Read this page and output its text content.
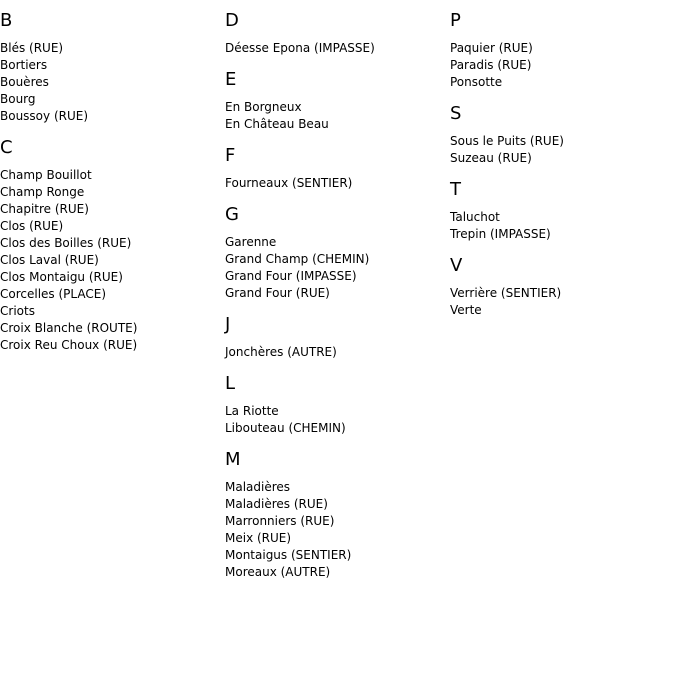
B
Blés (RUE)
Bortiers
Bouères
Bourg
Boussoy (RUE)
C
Champ Bouillot
Champ Ronge
Chapitre (RUE)
Clos (RUE)
Clos des Boilles (RUE)
Clos Laval (RUE)
Clos Montaigu (RUE)
Corcelles (PLACE)
Criots
Croix Blanche (ROUTE)
Croix Reu Choux (RUE)
D
Déesse Epona (IMPASSE)
E
En Borgneux
En Château Beau
F
Fourneaux (SENTIER)
G
Garenne
Grand Champ (CHEMIN)
Grand Four (IMPASSE)
Grand Four (RUE)
J
Jonchères (AUTRE)
L
La Riotte
Libouteau (CHEMIN)
M
Maladières
Maladières (RUE)
Marronniers (RUE)
Meix (RUE)
Montaigus (SENTIER)
Moreaux (AUTRE)
P
Paquier (RUE)
Paradis (RUE)
Ponsotte
S
Sous le Puits (RUE)
Suzeau (RUE)
T
Taluchot
Trepin (IMPASSE)
V
Verrière (SENTIER)
Verte
